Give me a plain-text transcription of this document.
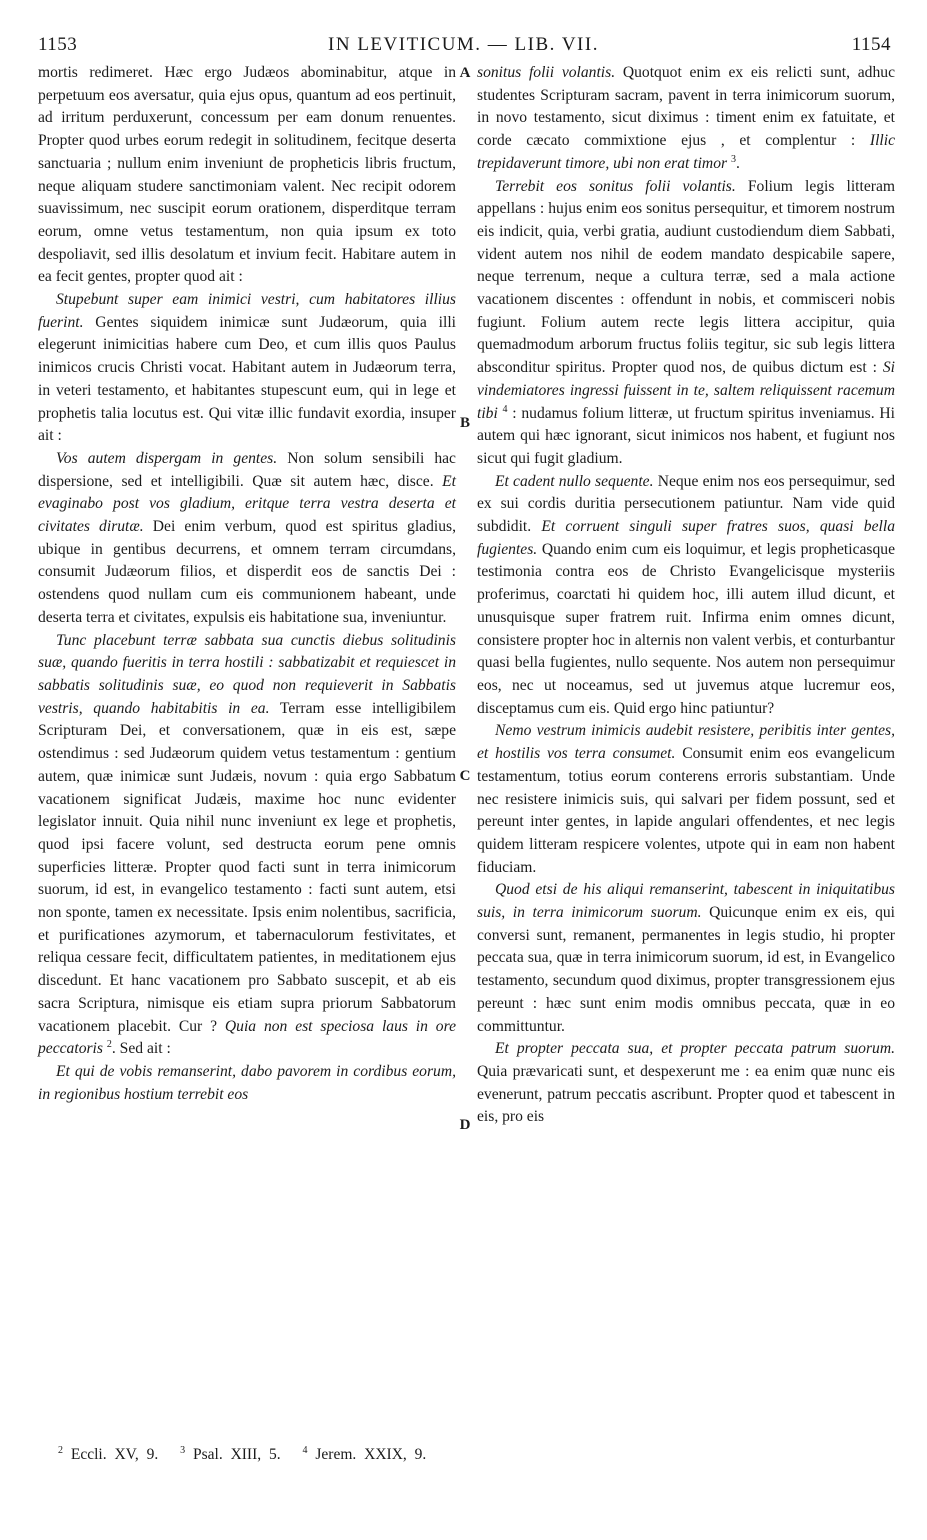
1153	IN LEVITICUM. — LIB. VII.	1154

mortis redimeret. Hæc ergo Judæos abominabitur, atque in perpetuum eos aversatur, quia ejus opus, quantum ad eos pertinuit, ad irritum perduxerunt, concessum per eam donum renuentes. Propter quod urbes eorum redegit in solitudinem, fecitque deserta sanctuaria ; nullum enim inveniunt de propheticis libris fructum, neque aliquam studere sanctimoniam valent. Nec recipit odorem suavissimum, nec suscipit eorum orationem, disperditque terram eorum, omne vetus testamentum, non quia ipsum ex toto despoliavit, sed illis desolatum et invium fecit. Habitare autem in ea fecit gentes, propter quod ait :

Stupebunt super eam inimici vestri, cum habitatores illius fuerint. Gentes siquidem inimicæ sunt Judæorum, quia illi elegerunt inimicitias habere cum Deo, et cum illis quos Paulus inimicos crucis Christi vocat. Habitant autem in Judæorum terra, in veteri testamento, et habitantes stupescunt eum, qui in lege et prophetis talia locutus est. Qui vitæ illic fundavit exordia, insuper ait :

Vos autem dispergam in gentes. Non solum sensibili hac dispersione, sed et intelligibili. Quæ sit autem hæc, disce. Et evaginabo post vos gladium, eritque terra vestra deserta et civitates dirutæ. Dei enim verbum, quod est spiritus gladius, ubique in gentibus decurrens, et omnem terram circumdans, consumit Judæorum filios, et disperdit eos de sanctis Dei : ostendens quod nullam cum eis communionem habeant, unde deserta terra et civitates, expulsis eis habitatione sua, inveniuntur.

Tunc placebunt terræ sabbata sua cunctis diebus solitudinis suæ, quando fueritis in terra hostili : sabbatizabit et requiescet in sabbatis solitudinis suæ, eo quod non requieverit in Sabbatis vestris, quando habitabitis in ea. Terram esse intelligibilem Scripturam Dei, et conversationem, quæ in eis est, sæpe ostendimus : sed Judæorum quidem vetus testamentum : gentium autem, quæ inimicæ sunt Judæis, novum : quia ergo Sabbatum vacationem significat Judæis, maxime hoc nunc evidenter legislator innuit. Quia nihil nunc inveniunt ex lege et prophetis, quod ipsi facere volunt, sed destructa eorum pene omnis superficies litteræ. Propter quod facti sunt in terra inimicorum suorum, id est, in evangelico testamento : facti sunt autem, etsi non sponte, tamen ex necessitate. Ipsis enim nolentibus, sacrificia, et purificationes azymorum, et tabernaculorum festivitates, et reliqua cessare fecit, difficultatem patientes, in meditationem ejus discedunt. Et hanc vacationem pro Sabbato suscepit, et ab eis sacra Scriptura, nimisque eis etiam supra priorum Sabbatorum vacationem placebit. Cur ? Quia non est speciosa laus in ore peccatoris $^2$. Sed ait :

Et qui de vobis remanserint, dabo pavorem in cordibus eorum, in regionibus hostium terrebit eos

A
B
C
D

sonitus folii volantis. Quotquot enim ex eis relicti sunt, adhuc studentes Scripturam sacram, pavent in terra inimicorum suorum, in novo testamento, sicut diximus : timent enim ex fatuitate, et corde cæcato commixtione ejus , et complentur : Illic trepidaverunt timore, ubi non erat timor $^3$.

Terrebit eos sonitus folii volantis. Folium legis litteram appellans : hujus enim eos sonitus persequitur, et timorem nostrum eis indicit, quia, verbi gratia, audiunt custodiendum diem Sabbati, vident autem nos nihil de eodem mandato despicabile sapere, neque terrenum, neque a cultura terræ, sed a mala actione vacationem discentes : offendunt in nobis, et commisceri nobis fugiunt. Folium autem recte legis littera accipitur, quia quemadmodum arborum fructus foliis tegitur, sic sub legis littera absconditur spiritus. Propter quod nos, de quibus dictum est : Si vindemiatores ingressi fuissent in te, saltem reliquissent racemum tibi $^4$ : nudamus folium litteræ, ut fructum spiritus inveniamus. Hi autem qui hæc ignorant, sicut inimicos nos habent, et fugiunt nos sicut qui fugit gladium.

Et cadent nullo sequente. Neque enim nos eos persequimur, sed ex sui cordis duritia persecutionem patiuntur. Nam vide quid subdidit. Et corruent singuli super fratres suos, quasi bella fugientes. Quando enim cum eis loquimur, et legis propheticasque testimonia contra eos de Christo Evangelicisque mysteriis proferimus, coarctati hi quidem hoc, illi autem illud dicunt, et unusquisque super fratrem ruit. Infirma enim omnes dicunt, consistere propter hoc in alternis non valent verbis, et conturbantur quasi bella fugientes, nullo sequente. Nos autem non persequimur eos, nec ut noceamus, sed ut juvemus atque lucremur eos, disceptamus cum eis. Quid ergo hinc patiuntur?

Nemo vestrum inimicis audebit resistere, peribitis inter gentes, et hostilis vos terra consumet. Consumit enim eos evangelicum testamentum, totius eorum conterens erroris substantiam. Unde nec resistere inimicis suis, qui salvari per fidem possunt, sed et pereunt inter gentes, in lapide angulari offendentes, et nec legis quidem litteram respicere volentes, utpote qui in eam non habent fiduciam.

Quod etsi de his aliqui remanserint, tabescent in iniquitatibus suis, in terra inimicorum suorum. Quicunque enim ex eis, qui conversi sunt, remanent, permanentes in legis studio, hi propter peccata sua, quæ in terra inimicorum suorum, id est, in Evangelico testamento, secundum quod diximus, propter transgressionem ejus pereunt : hæc sunt enim modis omnibus peccata, quæ in eo committuntur.

Et propter peccata sua, et propter peccata patrum suorum. Quia prævaricati sunt, et despexerunt me : ea enim quæ nunc eis evenerunt, patrum peccatis ascribunt. Propter quod et tabescent in eis, pro eis

$^2$ Eccli. XV, 9. $^3$ Psal. XIII, 5. $^4$ Jerem. XXIX, 9.
